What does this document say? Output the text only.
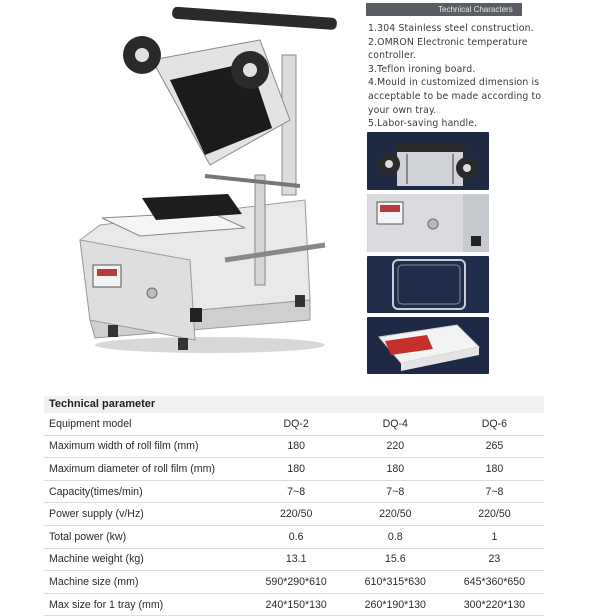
Technical Characters
1.304 Stainless steel construction.
2.OMRON Electronic temperature
controller.
3.Teflon ironing board.
4.Mould in customized dimension is
acceptable to be made according to
your own tray.
5.Labor-saving handle.
Technical parameter
Equipment model	DQ-2	DQ-4	DQ-6
Maximum width of roll film (mm)	180	220	265
Maximum diameter of roll film (mm)	180	180	180
Capacity(times/min)	7~8	7~8	7~8
Power supply (v/Hz)	220/50	220/50	220/50
Total power (kw)	0.6	0.8	1
Machine weight (kg)	13.1	15.6	23
Machine size (mm)	590*290*610	610*315*630	645*360*650
Max size for 1 tray (mm)	240*150*130	260*190*130	300*220*130
